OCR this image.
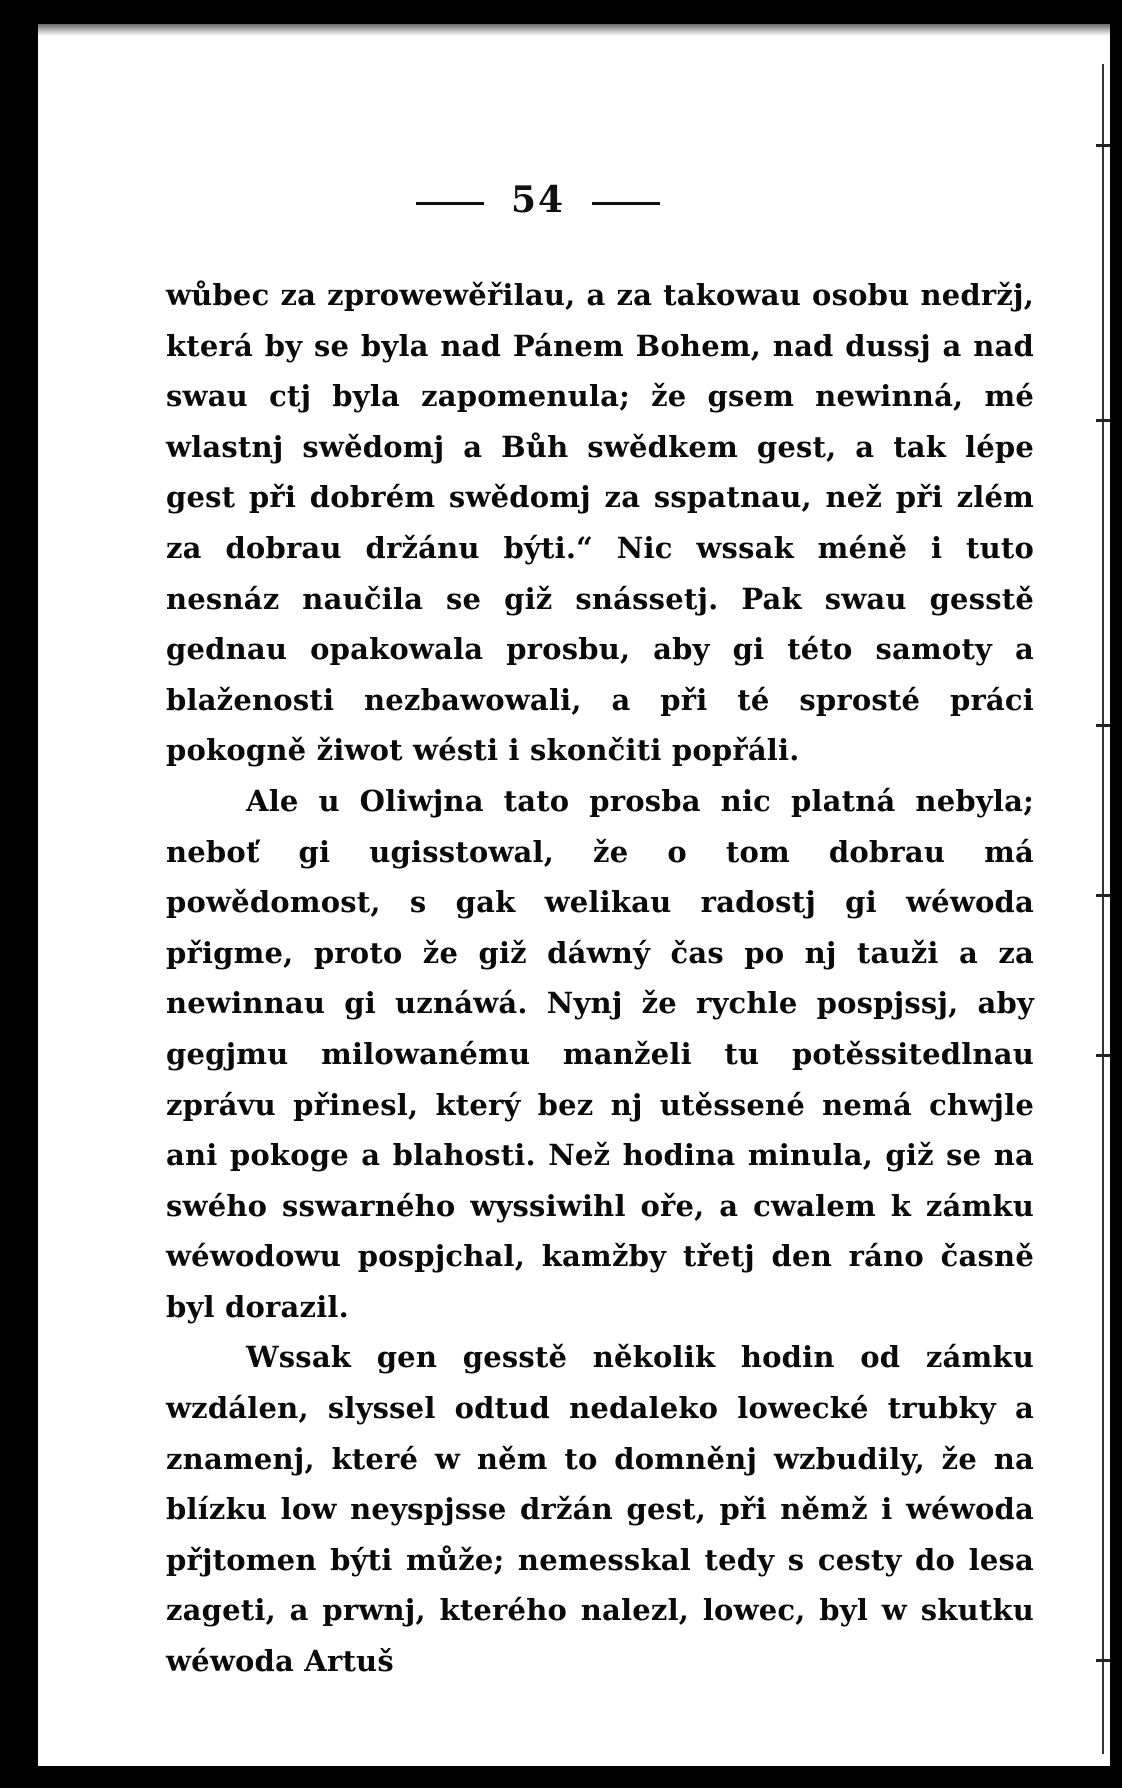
54

wůbec za zprowewěřilau, a za takowau osobu nedržj, která by se byla nad Pánem Bohem, nad dussj a nad swau ctj byla zapomenula; že gsem newinná, mé wlastnj swědomj a Bůh swědkem gest, a tak lépe gest při dobrém swědomj za sspatnau, než při zlém za dobrau držánu býti.“ Nic wssak méně i tuto nesnáz naučila se giž snássetj. Pak swau gesstě gednau opakowala prosbu, aby gi této samoty a blaženosti nezbawowali, a při té sprosté práci pokogně žiwot wésti i skončiti popřáli.

Ale u Oliwjna tato prosba nic platná nebyla; neboť gi ugisstowal, že o tom dobrau má powědomost, s gak welikau radostj gi wéwoda přigme, proto že giž dáwný čas po nj tauži a za newinnau gi uznáwá. Nynj že rychle pospjssj, aby gegjmu milowanému manželi tu potěssitedlnau zprávu přinesl, který bez nj utěssené nemá chwjle ani pokoge a blahosti. Než hodina minula, giž se na swého sswarného wyssiwihl oře, a cwalem k zámku wéwodowu pospjchal, kamžby třetj den ráno časně byl dorazil.

Wssak gen gesstě několik hodin od zámku wzdálen, slyssel odtud nedaleko lowecké trubky a znamenj, které w něm to domněnj wzbudily, že na blízku low neyspjsse držán gest, při němž i wéwoda přjtomen býti může; nemesskal tedy s cesty do lesa zageti, a prwnj, kterého nalezl, lowec, byl w skutku wéwoda Artuš
